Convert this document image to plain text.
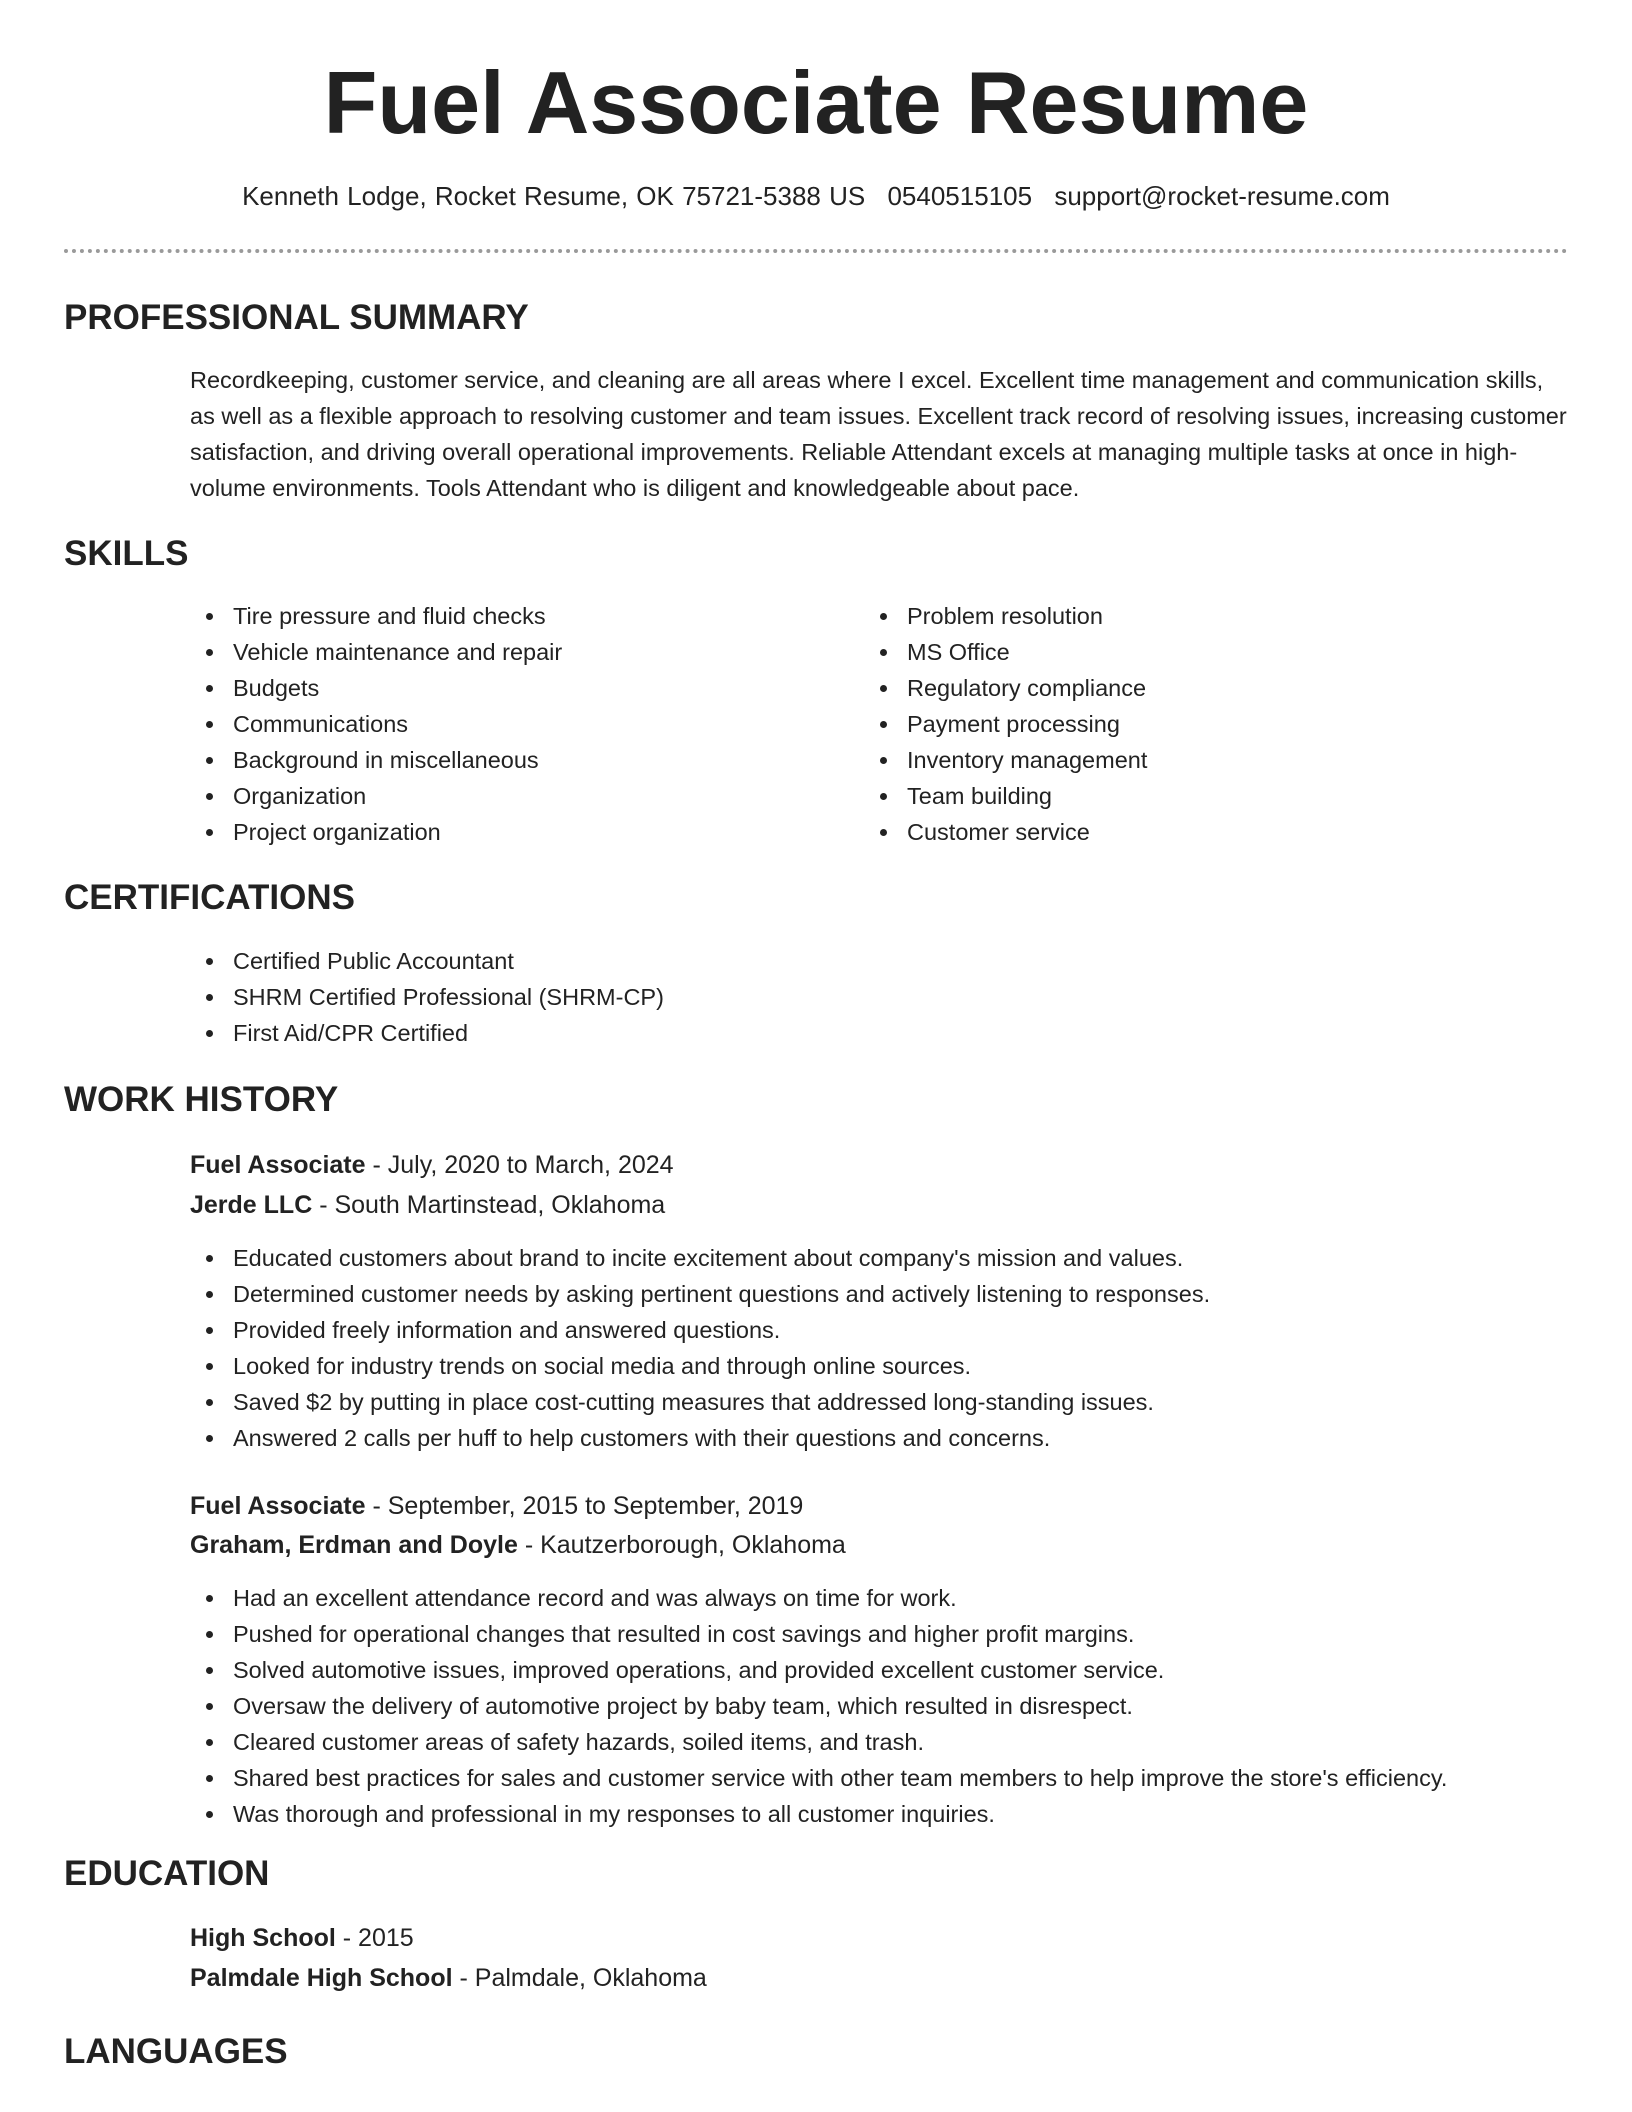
Fuel Associate Resume
Kenneth Lodge, Rocket Resume, OK 75721-5388 US 0540515105 support@rocket-resume.com
PROFESSIONAL SUMMARY
Recordkeeping, customer service, and cleaning are all areas where I excel. Excellent time management and communication skills, as well as a flexible approach to resolving customer and team issues. Excellent track record of resolving issues, increasing customer satisfaction, and driving overall operational improvements. Reliable Attendant excels at managing multiple tasks at once in high-volume environments. Tools Attendant who is diligent and knowledgeable about pace.
SKILLS
Tire pressure and fluid checks
Vehicle maintenance and repair
Budgets
Communications
Background in miscellaneous
Organization
Project organization
Problem resolution
MS Office
Regulatory compliance
Payment processing
Inventory management
Team building
Customer service
CERTIFICATIONS
Certified Public Accountant
SHRM Certified Professional (SHRM-CP)
First Aid/CPR Certified
WORK HISTORY
Fuel Associate - July, 2020 to March, 2024
Jerde LLC - South Martinstead, Oklahoma
Educated customers about brand to incite excitement about company's mission and values.
Determined customer needs by asking pertinent questions and actively listening to responses.
Provided freely information and answered questions.
Looked for industry trends on social media and through online sources.
Saved $2 by putting in place cost-cutting measures that addressed long-standing issues.
Answered 2 calls per huff to help customers with their questions and concerns.
Fuel Associate - September, 2015 to September, 2019
Graham, Erdman and Doyle - Kautzerborough, Oklahoma
Had an excellent attendance record and was always on time for work.
Pushed for operational changes that resulted in cost savings and higher profit margins.
Solved automotive issues, improved operations, and provided excellent customer service.
Oversaw the delivery of automotive project by baby team, which resulted in disrespect.
Cleared customer areas of safety hazards, soiled items, and trash.
Shared best practices for sales and customer service with other team members to help improve the store's efficiency.
Was thorough and professional in my responses to all customer inquiries.
EDUCATION
High School - 2015
Palmdale High School - Palmdale, Oklahoma
LANGUAGES
